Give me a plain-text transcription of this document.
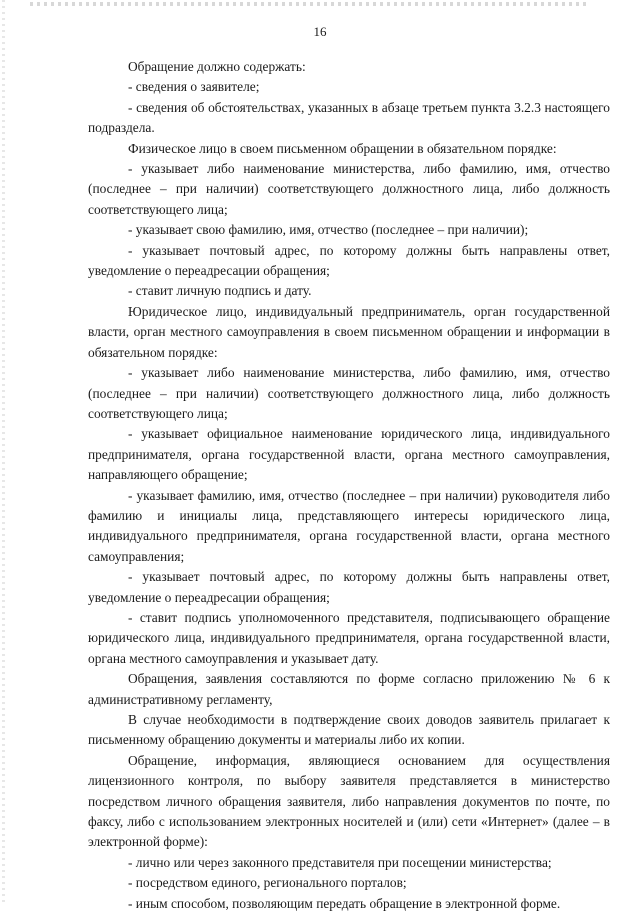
16

Обращение должно содержать:

- сведения о заявителе;

- сведения об обстоятельствах, указанных в абзаце третьем пункта 3.2.3 настоящего подраздела.

Физическое лицо в своем письменном обращении в обязательном порядке:

- указывает либо наименование министерства, либо фамилию, имя, отчество (последнее – при наличии) соответствующего должностного лица, либо должность соответствующего лица;

- указывает свою фамилию, имя, отчество (последнее – при наличии);

- указывает почтовый адрес, по которому должны быть направлены ответ, уведомление о переадресации обращения;

- ставит личную подпись и дату.

Юридическое лицо, индивидуальный предприниматель, орган государственной власти, орган местного самоуправления в своем письменном обращении и информации в обязательном порядке:

- указывает либо наименование министерства, либо фамилию, имя, отчество (последнее – при наличии) соответствующего должностного лица, либо должность соответствующего лица;

- указывает официальное наименование юридического лица, индивидуального предпринимателя, органа государственной власти, органа местного самоуправления, направляющего обращение;

- указывает фамилию, имя, отчество (последнее – при наличии) руководителя либо фамилию и инициалы лица, представляющего интересы юридического лица, индивидуального предпринимателя, органа государственной власти, органа местного самоуправления;

- указывает почтовый адрес, по которому должны быть направлены ответ, уведомление о переадресации обращения;

- ставит подпись уполномоченного представителя, подписывающего обращение юридического лица, индивидуального предпринимателя, органа государственной власти, органа местного самоуправления и указывает дату.

Обращения, заявления составляются по форме согласно приложению № 6 к административному регламенту,

В случае необходимости в подтверждение своих доводов заявитель прилагает к письменному обращению документы и материалы либо их копии.

Обращение, информация, являющиеся основанием для осуществления лицензионного контроля, по выбору заявителя представляется в министерство посредством личного обращения заявителя, либо направления документов по почте, по факсу, либо с использованием электронных носителей и (или) сети «Интернет» (далее – в электронной форме):

- лично или через законного представителя при посещении министерства;

- посредством единого, регионального порталов;

- иным способом, позволяющим передать обращение в электронной форме.
